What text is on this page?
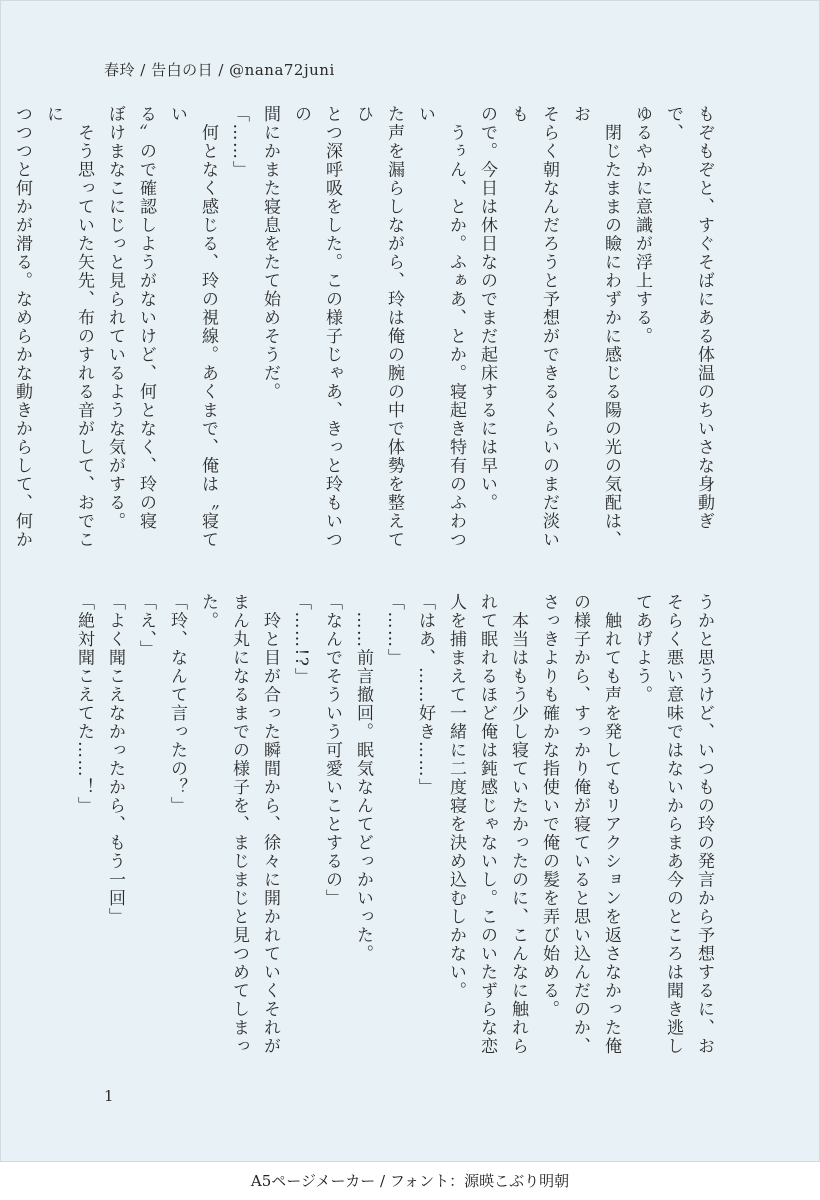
春玲 / 告白の日 / @nana72juni

もぞもぞと、すぐそばにある体温のちいさな身動ぎで、

ゆるやかに意識が浮上する。

　閉じたままの瞼にわずかに感じる陽の光の気配は、お

そらく朝なんだろうと予想ができるくらいのまだ淡いも

ので。今日は休日なのでまだ起床するには早い。

　うぅん、とか。ふぁあ、とか。寝起き特有のふわつい

た声を漏らしながら、玲は俺の腕の中で体勢を整えてひ

とつ深呼吸をした。この様子じゃあ、きっと玲もいつの

間にかまた寝息をたて始めそうだ。

「……」

　何となく感じる、玲の視線。あくまで、俺は〝寝てい

る〟ので確認しようがないけど、何となく、玲の寝

ぼけまなこにじっと見られているような気がする。

　そう思っていた矢先、布のすれる音がして、おでこに

つつつと何かが滑る。なめらかな動きからして、何か

うかと思うけど、いつもの玲の発言から予想するに、お

そらく悪い意味ではないからまあ今のところは聞き逃し

てあげよう。

　触れても声を発してもリアクションを返さなかった俺

の様子から、すっかり俺が寝ていると思い込んだのか、

さっきよりも確かな指使いで俺の髪を弄び始める。

　本当はもう少し寝ていたかったのに、こんなに触れら

れて眠れるほど俺は鈍感じゃないし。このいたずらな恋

人を捕まえて一緒に二度寝を決め込むしかない。

「はあ、……好き……」

「……」

　……前言撤回。眠気なんてどっかいった。

「なんでそういう可愛いことするの」

「……!?」

　玲と目が合った瞬間から、徐々に開かれていくそれが

まん丸になるまでの様子を、まじまじと見つめてしまっ

た。

「玲、なんて言ったの？」

「え、」

「よく聞こえなかったから、もう一回」

「絶対聞こえてた……！」

1
A5ページメーカー / フォント：源暎こぶり明朝
